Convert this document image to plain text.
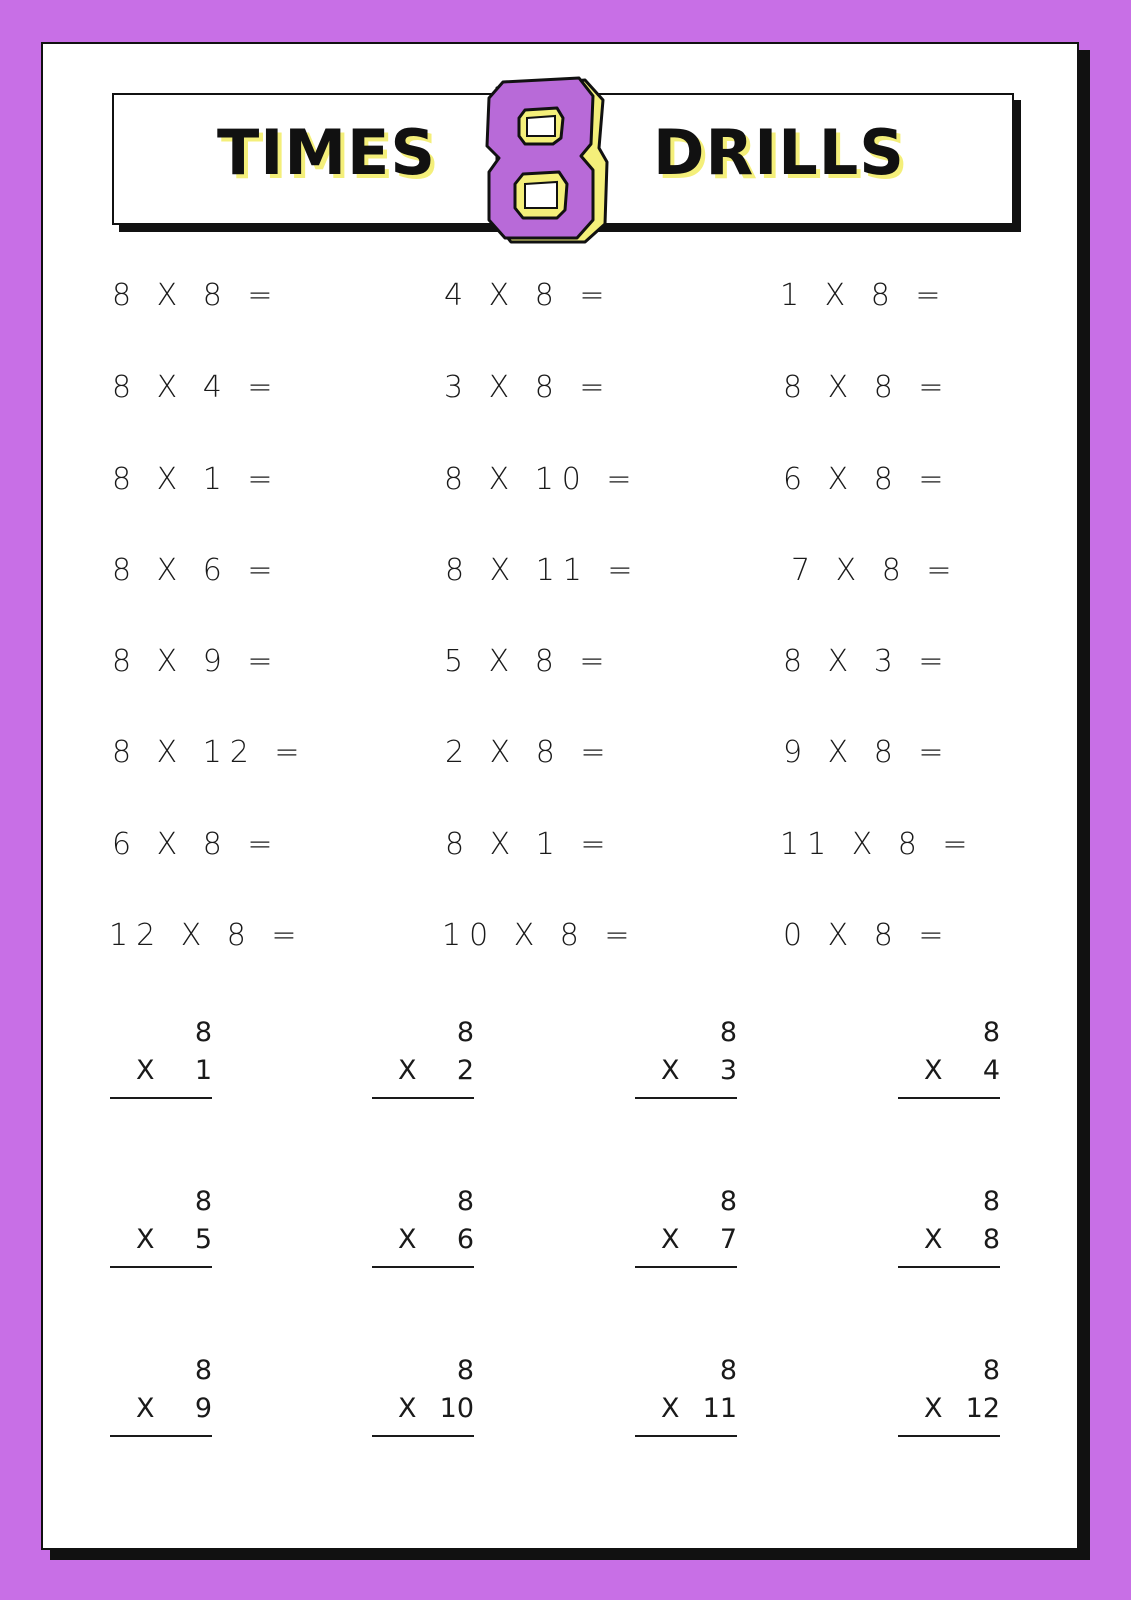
TIMES	DRILLS
8 X 8 =
8 X 4 =
8 X 1 =
8 X 6 =
8 X 9 =
8 X 12 =
6 X 8 =
12 X 8 =
4 X 8 =
3 X 8 =
8 X 10 =
8 X 11 =
5 X 8 =
2 X 8 =
8 X 1 =
10 X 8 =
1 X 8 =
8 X 8 =
6 X 8 =
7 X 8 =
8 X 3 =
9 X 8 =
11 X 8 =
0 X 8 =
8
X 1
8
X 2
8
X 3
8
X 4
8
X 5
8
X 6
8
X 7
8
X 8
8
X 9
8
X 10
8
X 11
8
X 12
